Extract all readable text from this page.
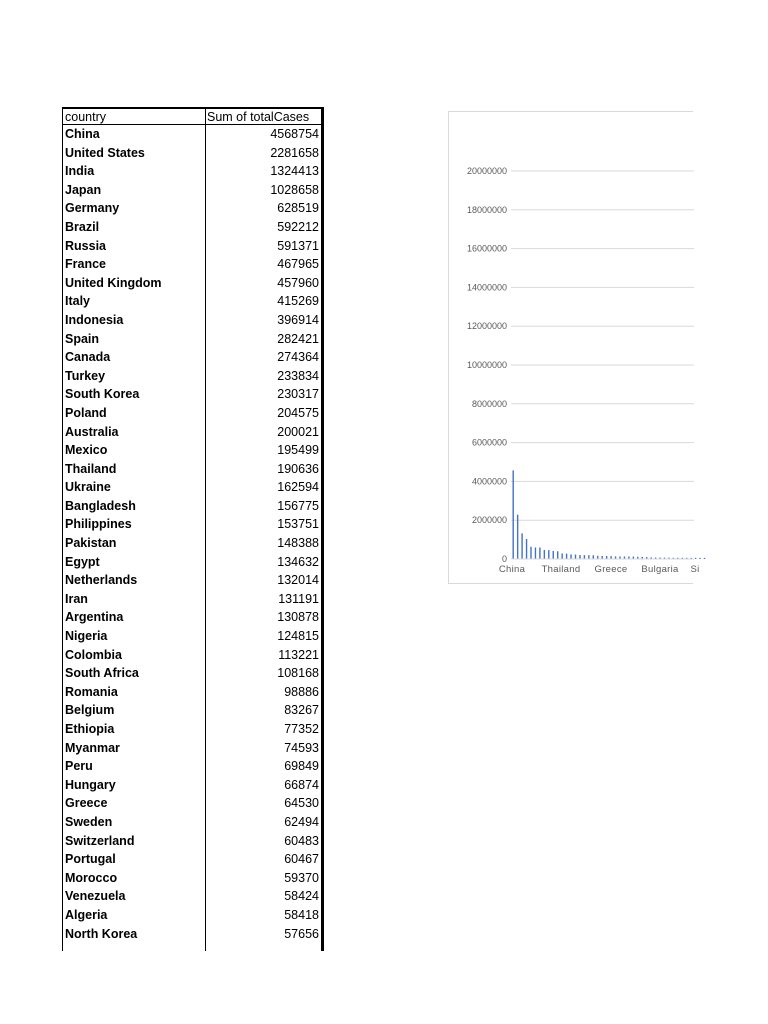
country	Sum of totalCases
China	4568754
United States	2281658
India	1324413
Japan	1028658
Germany	628519
Brazil	592212
Russia	591371
France	467965
United Kingdom	457960
Italy	415269
Indonesia	396914
Spain	282421
Canada	274364
Turkey	233834
South Korea	230317
Poland	204575
Australia	200021
Mexico	195499
Thailand	190636
Ukraine	162594
Bangladesh	156775
Philippines	153751
Pakistan	148388
Egypt	134632
Netherlands	132014
Iran	131191
Argentina	130878
Nigeria	124815
Colombia	113221
South Africa	108168
Romania	98886
Belgium	83267
Ethiopia	77352
Myanmar	74593
Peru	69849
Hungary	66874
Greece	64530
Sweden	62494
Switzerland	60483
Portugal	60467
Morocco	59370
Venezuela	58424
Algeria	58418
North Korea	57656
0
2000000
4000000
6000000
8000000
10000000
12000000
14000000
16000000
18000000
20000000
China Thailand Greece Bulgaria Si
